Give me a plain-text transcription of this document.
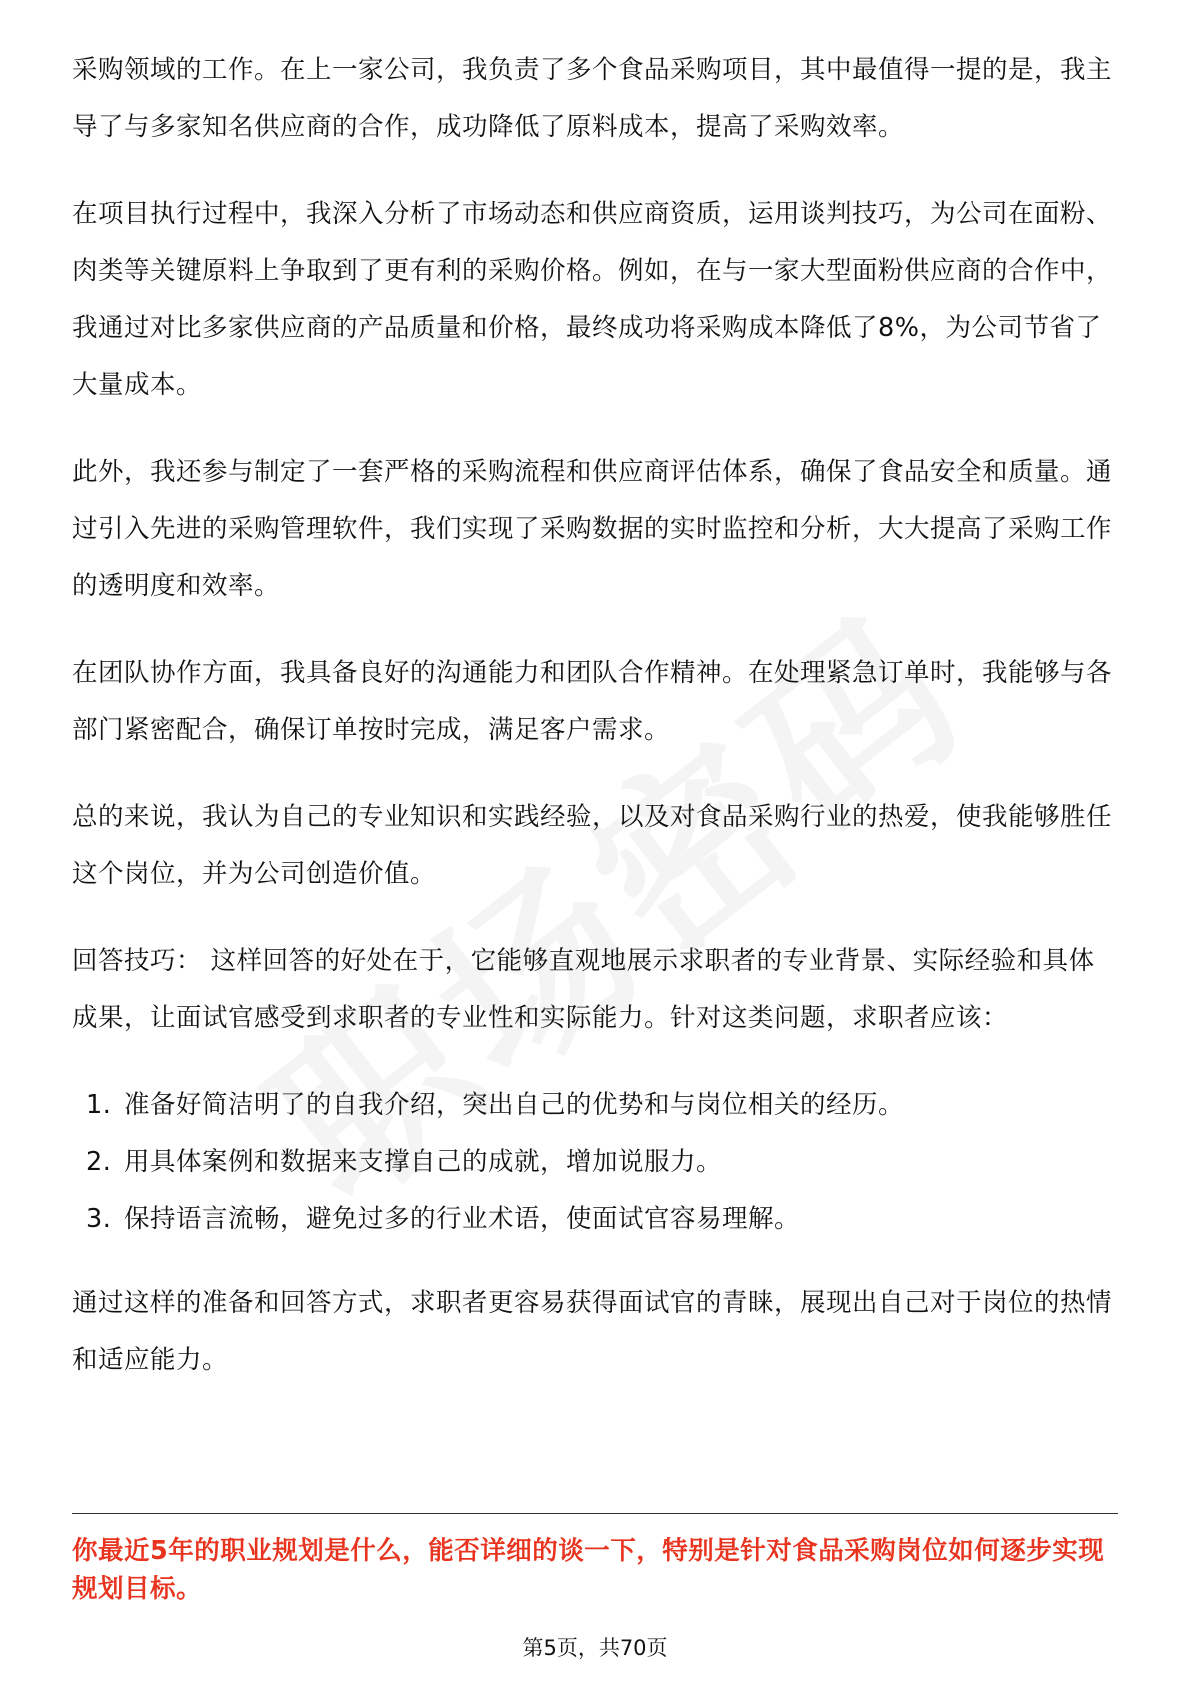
采购领域的工作。在上一家公司，我负责了多个食品采购项目，其中最值得一提的是，我主导了与多家知名供应商的合作，成功降低了原料成本，提高了采购效率。

在项目执行过程中，我深入分析了市场动态和供应商资质，运用谈判技巧，为公司在面粉、肉类等关键原料上争取到了更有利的采购价格。例如，在与一家大型面粉供应商的合作中，我通过对比多家供应商的产品质量和价格，最终成功将采购成本降低了8%，为公司节省了大量成本。

此外，我还参与制定了一套严格的采购流程和供应商评估体系，确保了食品安全和质量。通过引入先进的采购管理软件，我们实现了采购数据的实时监控和分析，大大提高了采购工作的透明度和效率。

在团队协作方面，我具备良好的沟通能力和团队合作精神。在处理紧急订单时，我能够与各部门紧密配合，确保订单按时完成，满足客户需求。

总的来说，我认为自己的专业知识和实践经验，以及对食品采购行业的热爱，使我能够胜任这个岗位，并为公司创造价值。

回答技巧： 这样回答的好处在于，它能够直观地展示求职者的专业背景、实际经验和具体成果，让面试官感受到求职者的专业性和实际能力。针对这类问题，求职者应该：

1. 准备好简洁明了的自我介绍，突出自己的优势和与岗位相关的经历。
2. 用具体案例和数据来支撑自己的成就，增加说服力。
3. 保持语言流畅，避免过多的行业术语，使面试官容易理解。

通过这样的准备和回答方式，求职者更容易获得面试官的青睐，展现出自己对于岗位的热情和适应能力。

你最近5年的职业规划是什么，能否详细的谈一下，特别是针对食品采购岗位如何逐步实现规划目标。
第5页，共70页
